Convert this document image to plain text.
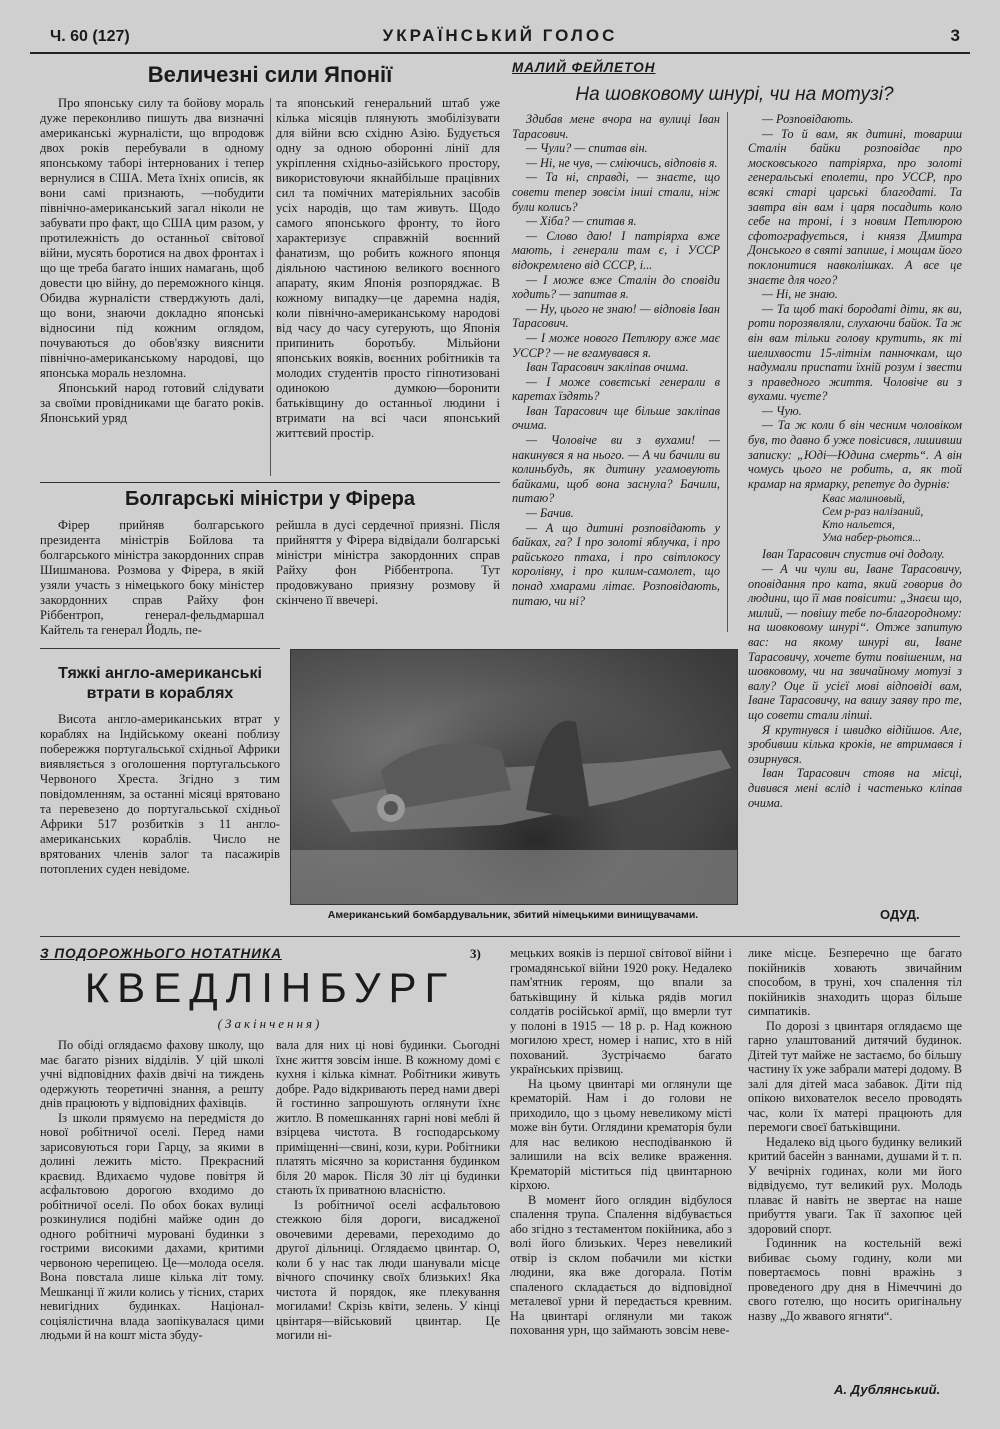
Ч. 60 (127)	УКРАЇНСЬКИЙ ГОЛОС	3
Величезні сили Японії

Про японську силу та бойову мораль дуже переконливо пишуть два визначні американські журналісти, що впродовж двох років перебували в одному японському таборі інтернованих і тепер вернулися в США. Мета їхніх описів, як вони самі признають, —побудити північно-американський загал ніколи не забувати про факт, що США цим разом, у протилежність до останньої світової війни, мусять боротися на двох фронтах і що ще треба багато інших намагань, щоб довести цю війну, до переможного кінця. Обидва журналісти стверджують далі, що вони, знаючи докладно японські відносини під кожним оглядом, почуваються до обов'язку вияснити північно-американському народові, що японська мораль незломна.

Японський народ готовий слідувати за своїми провідниками ще багато років. Японський уряд

та японський генеральний штаб уже кілька місяців плянують змобілізувати для війни всю східню Азію. Будується одну за одною оборонні лінії для укріплення східньо-азійського простору, використовуючи якнайбільше працівних сил та помічних матеріяльних засобів усіх народів, що там живуть. Щодо самого японського фронту, то його характеризує справжній воєнний фанатизм, що робить кожного японця діяльною частиною великого воєнного апарату, яким Японія розпоряджає. В кожному випадку—це даремна надія, коли північно-американському народові від часу до часу сугерують, що Японія припинить боротьбу. Мільйони японських вояків, воєнних робітників та молодих студентів просто гіпнотизовані одинокою думкою—боронити батьківщину до останньої людини і втримати на всі часи японський життєвий простір.

Болгарські міністри у Фірера

Фірер прийняв болгарського президента міністрів Бойлова та болгарського міністра закордонних справ Шишманова. Розмова у Фірера, в якій узяли участь з німецького боку міністер закордонних справ Райху фон Ріббентроп, генерал-фельдмаршал Кайтель та генерал Йодль, пе-

рейшла в дусі сердечної приязні. Після прийняття у Фірера відвідали болгарські міністри міністра закордонних справ Райху фон Ріббентропа. Тут продовжувано приязну розмову й скінчено її ввечері.

Тяжкі англо-американські
втрати в кораблях

Висота англо-американських втрат у кораблях на Індійському океані поблизу побережжя португальської східньої Африки виявляється з оголошення португальського Червоного Хреста. Згідно з тим повідомленням, за останні місяці врятовано та перевезено до португальської східньої Африки 517 розбитків з 11 англо-американських кораблів. Число не врятованих членів залог та пасажирів потоплених суден невідоме.

МАЛИЙ ФЕЙЛЕТОН
На шовковому шнурі, чи на мотузі?

Здибав мене вчора на вулиці Іван Тарасович.

— Чули? — спитав він.

— Ні, не чув, — сміючись, відповів я.

— Та ні, справді, — знаєте, що совети тепер зовсім інші стали, ніж були колись?

— Хіба? — спитав я.

— Слово даю! І патріярха вже мають, і генерали там є, і УССР відокремлено від СССР, і...

— І може вже Сталін до сповіди ходить? — запитав я.

— Ну, цього не знаю! — відповів Іван Тарасович.

— І може нового Петлюру вже має УССР? — не вгамувався я.

Іван Тарасович закліпав очима.

— І може совєтські генерали в каретах їздять?

Іван Тарасович ще більше закліпав очима.

— Чоловіче ви з вухами! — накинувся я на нього. — А чи бачили ви колиньбудь, як дитину угамовують байками, щоб вона заснула? Бачили, питаю?

— Бачив.

— А що дитині розповідають у байках, га? І про золоті яблучка, і про райського птаха, і про світлокосу королівну, і про килим-самолет, що понад хмарами літає. Розповідають, питаю, чи ні?

— Розповідають.

— То й вам, як дитині, товариш Сталін байки розповідає про московського патріярха, про золоті генеральські еполети, про УССР, про всякі старі царські благодаті. Та завтра він вам і царя посадить коло себе на троні, і з новим Петлюрою сфотографується, і князя Дмитра Донського в святі запише, і мощам його поклонитися навколішках. А все це знаєте для чого?

— Ні, не знаю.

— Та щоб такі бородаті діти, як ви, роти порозявляли, слухаючи байок. Та ж він вам тільки голову крутить, як ті шелихвости 15-літнім панночкам, що надумали приспати їхній розум і звести з праведного життя. Чоловіче ви з вухами. чуєте?

— Чую.

— Та ж коли б він чесним чоловіком був, то давно б уже повісився, лишивши записку: „Юді—Юдина смерть“. А він чомусь цього не робить, а, як той крамар на ярмарку, репетує до дурнів:

Квас малиновый,
Сем р-раз налізаний,
Кто нальется,
Ума набер-рьотся...

Іван Тарасович спустив очі додолу.

— А чи чули ви, Іване Тарасовичу, оповідання про ката, який говорив до людини, що її мав повісити: „Знаєш що, милий, — повішу тебе по-благородному: на шовковому шнурі“. Отже запитую вас: на якому шнурі ви, Іване Тарасовичу, хочете бути повішеним, на шовковому, чи на звичайному мотузі з валу? Оце й усієї мові відповіді вам, Іване Тарасовичу, на вашу заяву про те, що совети стали ліпші.

Я крутнувся і швидко відійшов. Але, зробивши кілька кроків, не втримався і озирнувся.

Іван Тарасович стояв на місці, дивився мені вслід і частенько кліпав очима.

ОДУД.
Американський бомбардувальник, збитий німецькими винищувачами.
З ПОДОРОЖНЬОГО НОТАТНИКА	3)
КВЕДЛІНБУРГ
(Закінчення)

По обіді оглядаємо фахову школу, що має багато різних відділів. У цій школі учні відповідних фахів двічі на тиждень одержують теоретичні знання, а решту днів працюють у відповідних фахівців.

Із школи прямуємо на передмістя до нової робітничої оселі. Перед нами зарисовуються гори Гарцу, за якими в долині лежить місто. Прекрасний краєвид. Вдихаємо чудове повітря й асфальтовою дорогою входимо до робітничої оселі. По обох боках вулиці розкинулися подібні майже один до одного робітничі муровані будинки з гострими високими дахами, критими червоною черепицею. Це—молода оселя. Вона повстала лише кілька літ тому. Мешканці її жили колись у тісних, старих невигідних будинках. Націонал-соціялістична влада заопікувалася цими людьми й на кошт міста збуду-

вала для них ці нові будинки. Сьогодні їхнє життя зовсім інше. В кожному домі є кухня і кілька кімнат. Робітники живуть добре. Радо відкривають перед нами двері й гостинно запрошують оглянути їхнє житло. В помешканнях гарні нові меблі й взірцева чистота. В господарському приміщенні—свині, кози, кури. Робітники платять місячно за користання будинком біля 20 марок. Після 30 літ ці будинки стають їх приватною власністю.

Із робітничої оселі асфальтовою стежкою біля дороги, висадженої овочевими деревами, переходимо до другої дільниці. Оглядаємо цвинтар. О, коли б у нас так люди шанували місце вічного спочинку своїх близьких! Яка чистота й порядок, яке плекування могилами! Скрізь квіти, зелень. У кінці цвінтаря—військовий цвинтар. Це могили ні-

мецьких вояків із першої світової війни і громадянської війни 1920 року. Недалеко пам'ятник героям, що впали за батьківщину й кілька рядів могил солдатів російської армії, що вмерли тут у полоні в 1915 — 18 р. р. Над кожною могилою хрест, номер і напис, хто в ній похований. Зустрічаємо багато українських прізвищ.

На цьому цвинтарі ми оглянули ще крематорій. Нам і до голови не приходило, що з цьому невеликому місті може він бути. Оглядини крематорія були для нас великою несподіванкою й залишили на всіх велике враження. Крематорій міститься під цвинтарною кірхою.

В момент його оглядин відбулося спалення трупа. Спалення відбувається або згідно з тестаментом покійника, або з волі його близьких. Через невеликий отвір із склом побачили ми кістки людини, яка вже догорала. Потім спаленого складається до відповідної металевої урни й передається кревним. На цвинтарі оглянули ми також поховання урн, що займають зовсім неве-

лике місце. Безперечно ще багато покійників ховають звичайним способом, в труні, хоч спалення тіл покійників знаходить щораз більше симпатиків.

По дорозі з цвинтаря оглядаємо ще гарно улаштований дитячий будинок. Дітей тут майже не застаємо, бо більшу частину їх уже забрали матері додому. В залі для дітей маса забавок. Діти під опікою вихователок весело проводять час, коли їх матері працюють для перемоги своєї батьківщини.

Недалеко від цього будинку великий критий басейн з ваннами, душами й т. п. У вечірніх годинах, коли ми його відвідуємо, тут великий рух. Молодь плаває й навіть не звертає на наше прибуття уваги. Так її захопює цей здоровий спорт.

Годинник на костельній вежі вибиває сьому годину, коли ми повертаємось повні вражінь з проведеного дру дня в Німеччині до свого готелю, що носить оригінальну назву „До жвавого ягняти“.

А. Дублянський.
